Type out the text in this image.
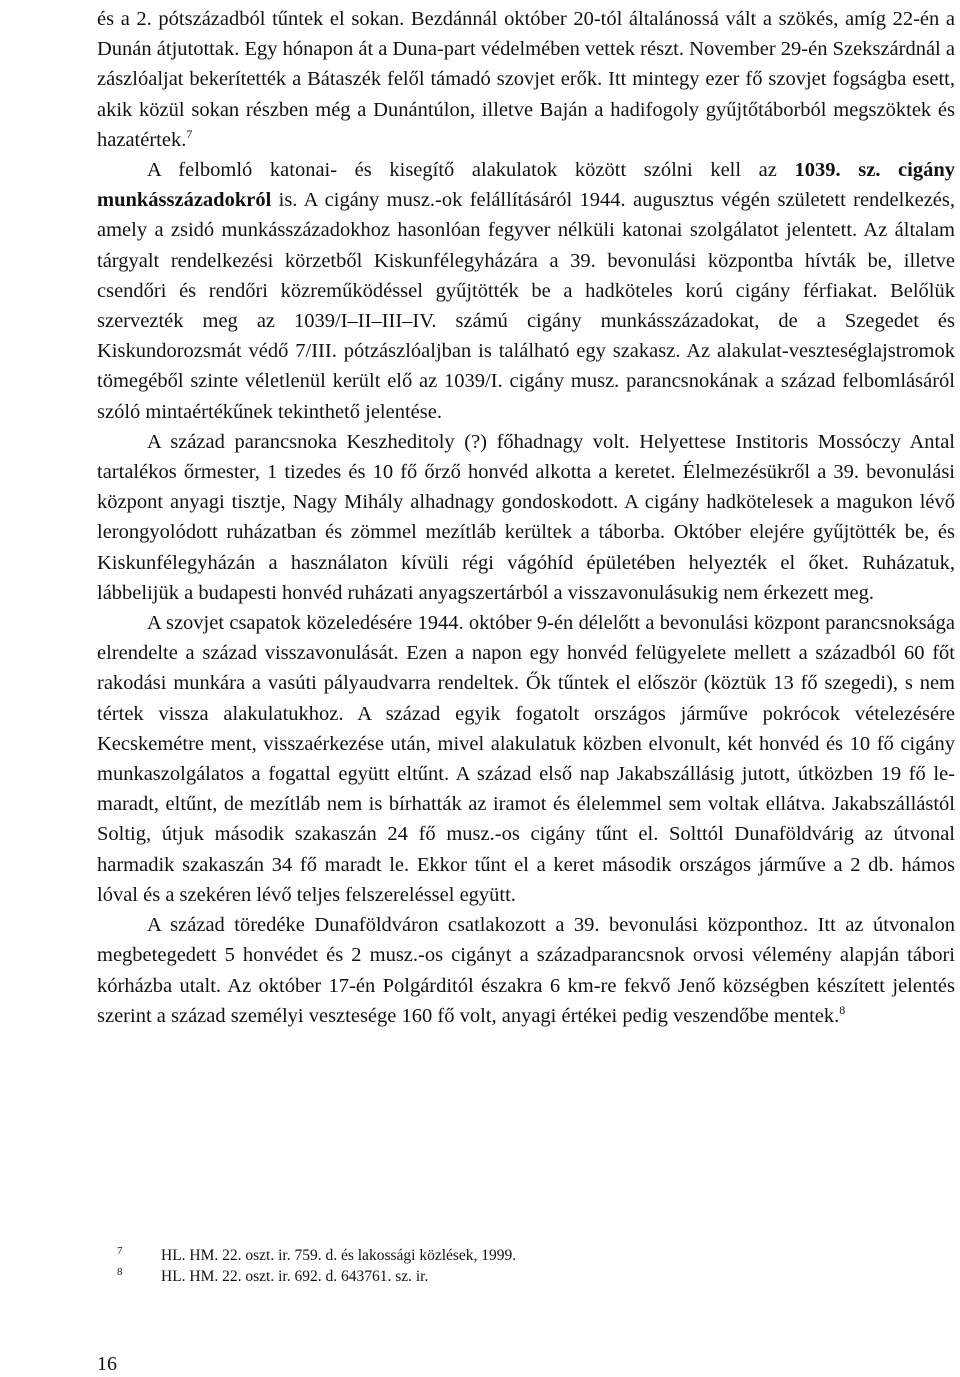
és a 2. pótszázadból tűntek el sokan. Bezdánnál október 20-tól általánossá vált a szökés, amíg 22-én a Dunán átjutottak. Egy hónapon át a Duna-part védelmében vettek részt. November 29-én Szekszárdnál a zászlóaljat bekerítették a Bátaszék felől támadó szovjet erők. Itt mintegy ezer fő szovjet fogságba esett, akik közül sokan részben még a Dunántúlon, illetve Baján a hadifogoly gyűjtőtáborból megszöktek és hazatértek.$^7$

A felbomló katonai- és kisegítő alakulatok között szólni kell az 1039. sz. cigány munkásszázadokról is. A cigány musz.-ok felállításáról 1944. augusztus végén született rendelkezés, amely a zsidó munkásszázadokhoz hasonlóan fegyver nélküli katonai szolgálatot jelentett. Az általam tárgyalt rendelkezési körzetből Kiskunfélegyházára a 39. bevonulási központba hívták be, illetve csendőri és rendőri közreműködéssel gyűjtötték be a hadköteles korú cigány férfiakat. Belőlük szervezték meg az 1039/I–II–III–IV. számú cigány munkásszázadokat, de a Szegedet és Kiskundorozsmát védő 7/III. pótzászlóaljban is található egy szakasz. Az alakulat-veszteséglajstromok tömegéből szinte véletlenül került elő az 1039/I. cigány musz. parancsnokának a század felbomlásáról szóló mintaértékűnek tekinthető jelentése.

A század parancsnoka Keszheditoly (?) főhadnagy volt. Helyettese Institoris Mossóczy Antal tartalékos őrmester, 1 tizedes és 10 fő őrző honvéd alkotta a keretet. Élelmezésükről a 39. bevonulási központ anyagi tisztje, Nagy Mihály alhadnagy gondoskodott. A cigány hadkötelesek a magukon lévő lerongyolódott ruházatban és zömmel mezítláb kerültek a táborba. Október elejére gyűjtötték be, és Kiskunfélegyházán a használaton kívüli régi vágóhíd épületében helyezték el őket. Ruházatuk, lábbelijük a budapesti honvéd ruházati anyagszertárból a visszavonulásukig nem érkezett meg.

A szovjet csapatok közeledésére 1944. október 9-én délelőtt a bevonulási központ parancsnoksága elrendelte a század visszavonulását. Ezen a napon egy honvéd felügyelete mellett a századból 60 főt rakodási munkára a vasúti pályaudvarra rendeltek. Ők tűntek el először (köztük 13 fő szegedi), s nem tértek vissza alakulatukhoz. A század egyik fogatolt országos járműve pokrócok vételezésére Kecskemétre ment, visszaérkezése után, mivel alakulatuk közben elvonult, két honvéd és 10 fő cigány munkaszolgálatos a fogattal együtt eltűnt. A század első nap Jakabszállásig jutott, útközben 19 fő lemaradt, eltűnt, de mezítláb nem is bírhatták az iramot és élelemmel sem voltak ellátva. Jakabszállástól Soltig, útjuk második szakaszán 24 fő musz.-os cigány tűnt el. Solttól Dunaföldvárig az útvonal harmadik szakaszán 34 fő maradt le. Ekkor tűnt el a keret második országos járműve a 2 db. hámos lóval és a szekéren lévő teljes felszereléssel együtt.

A század töredéke Dunaföldváron csatlakozott a 39. bevonulási központhoz. Itt az útvonalon megbetegedett 5 honvédet és 2 musz.-os cigányt a századparancsnok orvosi vélemény alapján tábori kórházba utalt. Az október 17-én Polgárditól északra 6 km-re fekvő Jenő községben készített jelentés szerint a század személyi vesztesége 160 fő volt, anyagi értékei pedig veszendőbe mentek.$^8$

7 HL. HM. 22. oszt. ir. 759. d. és lakossági közlések, 1999.
8 HL. HM. 22. oszt. ir. 692. d. 643761. sz. ir.
16
